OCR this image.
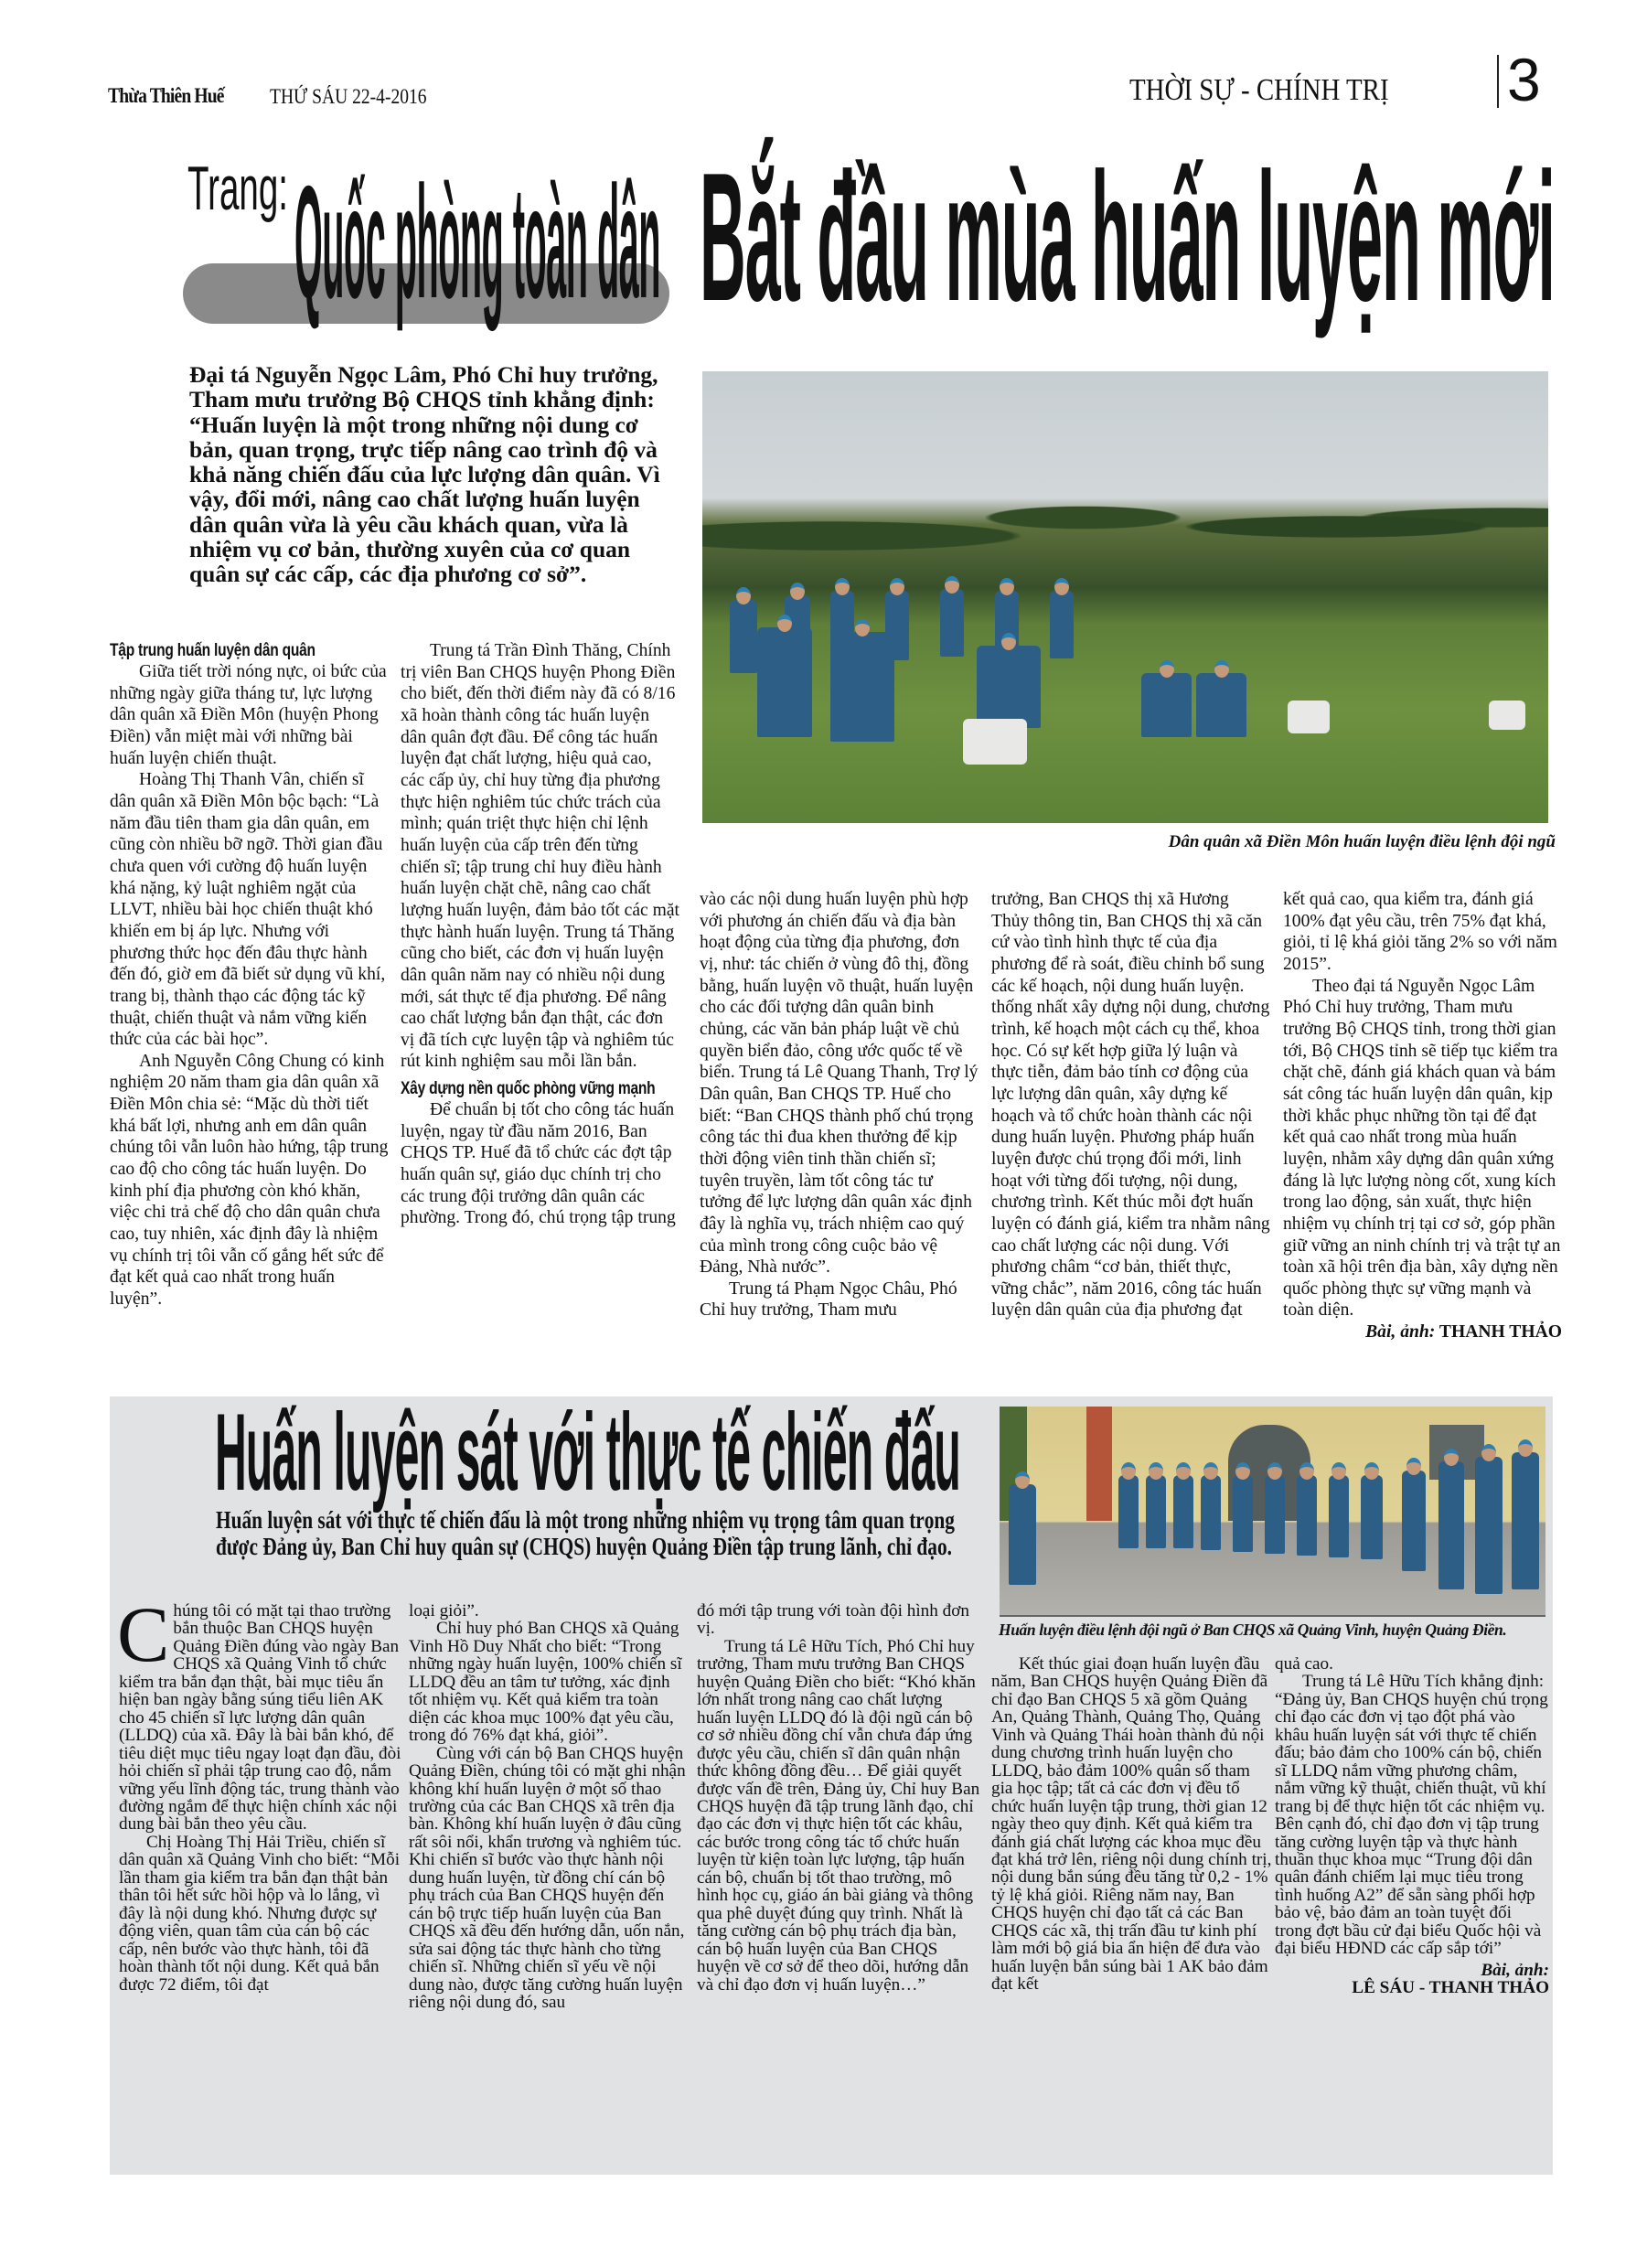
Thừa Thiên Huế THỨ SÁU 22-4-2016	THỜI SỰ - CHÍNH TRỊ 3
Trang: Quốc phòng toàn dân Bắt đầu mùa huấn luyện mới
Đại tá Nguyễn Ngọc Lâm, Phó Chỉ huy trưởng, Tham mưu trưởng Bộ CHQS tỉnh khẳng định: “Huấn luyện là một trong những nội dung cơ bản, quan trọng, trực tiếp nâng cao trình độ và khả năng chiến đấu của lực lượng dân quân. Vì vậy, đổi mới, nâng cao chất lượng huấn luyện dân quân vừa là yêu cầu khách quan, vừa là nhiệm vụ cơ bản, thường xuyên của cơ quan quân sự các cấp, các địa phương cơ sở”.
Dân quân xã Điền Môn huấn luyện điều lệnh đội ngũ
Tập trung huấn luyện dân quân

Giữa tiết trời nóng nực, oi bức của những ngày giữa tháng tư, lực lượng dân quân xã Điền Môn (huyện Phong Điền) vẫn miệt mài với những bài huấn luyện chiến thuật.

Hoàng Thị Thanh Vân, chiến sĩ dân quân xã Điền Môn bộc bạch: “Là năm đầu tiên tham gia dân quân, em cũng còn nhiều bỡ ngỡ. Thời gian đầu chưa quen với cường độ huấn luyện khá nặng, kỷ luật nghiêm ngặt của LLVT, nhiều bài học chiến thuật khó khiến em bị áp lực. Nhưng với phương thức học đến đâu thực hành đến đó, giờ em đã biết sử dụng vũ khí, trang bị, thành thạo các động tác kỹ thuật, chiến thuật và nắm vững kiến thức của các bài học”.

Anh Nguyễn Công Chung có kinh nghiệm 20 năm tham gia dân quân xã Điền Môn chia sẻ: “Mặc dù thời tiết khá bất lợi, nhưng anh em dân quân chúng tôi vẫn luôn hào hứng, tập trung cao độ cho công tác huấn luyện. Do kinh phí địa phương còn khó khăn, việc chi trả chế độ cho dân quân chưa cao, tuy nhiên, xác định đây là nhiệm vụ chính trị tôi vẫn cố gắng hết sức để đạt kết quả cao nhất trong huấn luyện”.

Trung tá Trần Đình Thăng, Chính trị viên Ban CHQS huyện Phong Điền cho biết, đến thời điểm này đã có 8/16 xã hoàn thành công tác huấn luyện dân quân đợt đầu. Để công tác huấn luyện đạt chất lượng, hiệu quả cao, các cấp ủy, chỉ huy từng địa phương thực hiện nghiêm túc chức trách của mình; quán triệt thực hiện chỉ lệnh huấn luyện của cấp trên đến từng chiến sĩ; tập trung chỉ huy điều hành huấn luyện chặt chẽ, nâng cao chất lượng huấn luyện, đảm bảo tốt các mặt thực hành huấn luyện. Trung tá Thăng cũng cho biết, các đơn vị huấn luyện dân quân năm nay có nhiều nội dung mới, sát thực tế địa phương. Để nâng cao chất lượng bắn đạn thật, các đơn vị đã tích cực luyện tập và nghiêm túc rút kinh nghiệm sau mỗi lần bắn.

Xây dựng nền quốc phòng vững mạnh

Để chuẩn bị tốt cho công tác huấn luyện, ngay từ đầu năm 2016, Ban CHQS TP. Huế đã tổ chức các đợt tập huấn quân sự, giáo dục chính trị cho các trung đội trưởng dân quân các phường. Trong đó, chú trọng tập trung

vào các nội dung huấn luyện phù hợp với phương án chiến đấu và địa bàn hoạt động của từng địa phương, đơn vị, như: tác chiến ở vùng đô thị, đồng bằng, huấn luyện võ thuật, huấn luyện cho các đối tượng dân quân binh chủng, các văn bản pháp luật về chủ quyền biển đảo, công ước quốc tế về biển. Trung tá Lê Quang Thanh, Trợ lý Dân quân, Ban CHQS TP. Huế cho biết: “Ban CHQS thành phố chú trọng công tác thi đua khen thưởng để kịp thời động viên tinh thần chiến sĩ; tuyên truyền, làm tốt công tác tư tưởng để lực lượng dân quân xác định đây là nghĩa vụ, trách nhiệm cao quý của mình trong công cuộc bảo vệ Đảng, Nhà nước”.

Trung tá Phạm Ngọc Châu, Phó Chỉ huy trưởng, Tham mưu

trưởng, Ban CHQS thị xã Hương Thủy thông tin, Ban CHQS thị xã căn cứ vào tình hình thực tế của địa phương để rà soát, điều chỉnh bổ sung các kế hoạch, nội dung huấn luyện. thống nhất xây dựng nội dung, chương trình, kế hoạch một cách cụ thể, khoa học. Có sự kết hợp giữa lý luận và thực tiễn, đảm bảo tính cơ động của lực lượng dân quân, xây dựng kế hoạch và tổ chức hoàn thành các nội dung huấn luyện. Phương pháp huấn luyện được chú trọng đổi mới, linh hoạt với từng đối tượng, nội dung, chương trình. Kết thúc mỗi đợt huấn luyện có đánh giá, kiểm tra nhằm nâng cao chất lượng các nội dung. Với phương châm “cơ bản, thiết thực, vững chắc”, năm 2016, công tác huấn luyện dân quân của địa phương đạt

kết quả cao, qua kiểm tra, đánh giá 100% đạt yêu cầu, trên 75% đạt khá, giỏi, tỉ lệ khá giỏi tăng 2% so với năm 2015”.

Theo đại tá Nguyễn Ngọc Lâm Phó Chỉ huy trưởng, Tham mưu trưởng Bộ CHQS tỉnh, trong thời gian tới, Bộ CHQS tỉnh sẽ tiếp tục kiểm tra chặt chẽ, đánh giá khách quan và bám sát công tác huấn luyện dân quân, kịp thời khắc phục những tồn tại để đạt kết quả cao nhất trong mùa huấn luyện, nhằm xây dựng dân quân xứng đáng là lực lượng nòng cốt, xung kích trong lao động, sản xuất, thực hiện nhiệm vụ chính trị tại cơ sở, góp phần giữ vững an ninh chính trị và trật tự an toàn xã hội trên địa bàn, xây dựng nền quốc phòng thực sự vững mạnh và toàn diện.

Bài, ảnh: THANH THẢO
Huấn luyện sát với thực tế chiến đấu
Huấn luyện sát với thực tế chiến đấu là một trong những nhiệm vụ trọng tâm quan trọng được Đảng ủy, Ban Chỉ huy quân sự (CHQS) huyện Quảng Điền tập trung lãnh, chỉ đạo.
Huấn luyện điều lệnh đội ngũ ở Ban CHQS xã Quảng Vinh, huyện Quảng Điền.

Chúng tôi có mặt tại thao trường bắn thuộc Ban CHQS huyện Quảng Điền đúng vào ngày Ban CHQS xã Quảng Vinh tổ chức kiểm tra bắn đạn thật, bài mục tiêu ẩn hiện ban ngày bằng súng tiểu liên AK cho 45 chiến sĩ lực lượng dân quân (LLDQ) của xã. Đây là bài bắn khó, để tiêu diệt mục tiêu ngay loạt đạn đầu, đòi hỏi chiến sĩ phải tập trung cao độ, nắm vững yếu lĩnh động tác, trung thành vào đường ngắm để thực hiện chính xác nội dung bài bắn theo yêu cầu.

Chị Hoàng Thị Hải Triều, chiến sĩ dân quân xã Quảng Vinh cho biết: “Mỗi lần tham gia kiểm tra bắn đạn thật bản thân tôi hết sức hồi hộp và lo lắng, vì đây là nội dung khó. Nhưng được sự động viên, quan tâm của cán bộ các cấp, nên bước vào thực hành, tôi đã hoàn thành tốt nội dung. Kết quả bắn được 72 điểm, tôi đạt

loại giỏi”.

Chỉ huy phó Ban CHQS xã Quảng Vinh Hồ Duy Nhất cho biết: “Trong những ngày huấn luyện, 100% chiến sĩ LLDQ đều an tâm tư tưởng, xác định tốt nhiệm vụ. Kết quả kiểm tra toàn diện các khoa mục 100% đạt yêu cầu, trong đó 76% đạt khá, giỏi”.

Cùng với cán bộ Ban CHQS huyện Quảng Điền, chúng tôi có mặt ghi nhận không khí huấn luyện ở một số thao trường của các Ban CHQS xã trên địa bàn. Không khí huấn luyện ở đâu cũng rất sôi nổi, khẩn trương và nghiêm túc. Khi chiến sĩ bước vào thực hành nội dung huấn luyện, từ đồng chí cán bộ phụ trách của Ban CHQS huyện đến cán bộ trực tiếp huấn luyện của Ban CHQS xã đều đến hướng dẫn, uốn nắn, sửa sai động tác thực hành cho từng chiến sĩ. Những chiến sĩ yếu về nội dung nào, được tăng cường huấn luyện riêng nội dung đó, sau

đó mới tập trung với toàn đội hình đơn vị.

Trung tá Lê Hữu Tích, Phó Chỉ huy trưởng, Tham mưu trưởng Ban CHQS huyện Quảng Điền cho biết: “Khó khăn lớn nhất trong nâng cao chất lượng huấn luyện LLDQ đó là đội ngũ cán bộ cơ sở nhiều đồng chí vẫn chưa đáp ứng được yêu cầu, chiến sĩ dân quân nhận thức không đồng đều… Để giải quyết được vấn đề trên, Đảng ủy, Chỉ huy Ban CHQS huyện đã tập trung lãnh đạo, chỉ đạo các đơn vị thực hiện tốt các khâu, các bước trong công tác tổ chức huấn luyện từ kiện toàn lực lượng, tập huấn cán bộ, chuẩn bị tốt thao trường, mô hình học cụ, giáo án bài giảng và thông qua phê duyệt đúng quy trình. Nhất là tăng cường cán bộ phụ trách địa bàn, cán bộ huấn luyện của Ban CHQS huyện về cơ sở để theo dõi, hướng dẫn và chỉ đạo đơn vị huấn luyện…”

Kết thúc giai đoạn huấn luyện đầu năm, Ban CHQS huyện Quảng Điền đã chỉ đạo Ban CHQS 5 xã gồm Quảng An, Quảng Thành, Quảng Thọ, Quảng Vinh và Quảng Thái hoàn thành đủ nội dung chương trình huấn luyện cho LLDQ, bảo đảm 100% quân số tham gia học tập; tất cả các đơn vị đều tổ chức huấn luyện tập trung, thời gian 12 ngày theo quy định. Kết quả kiểm tra đánh giá chất lượng các khoa mục đều đạt khá trở lên, riêng nội dung chính trị, nội dung bắn súng đều tăng từ 0,2 - 1% tỷ lệ khá giỏi. Riêng năm nay, Ban CHQS huyện chỉ đạo tất cả các Ban CHQS các xã, thị trấn đầu tư kinh phí làm mới bộ giá bia ẩn hiện để đưa vào huấn luyện bắn súng bài 1 AK bảo đảm đạt kết

quả cao.

Trung tá Lê Hữu Tích khẳng định: “Đảng ủy, Ban CHQS huyện chú trọng chỉ đạo các đơn vị tạo đột phá vào khâu huấn luyện sát với thực tế chiến đấu; bảo đảm cho 100% cán bộ, chiến sĩ LLDQ nắm vững phương châm, nắm vững kỹ thuật, chiến thuật, vũ khí trang bị để thực hiện tốt các nhiệm vụ. Bên cạnh đó, chỉ đạo đơn vị tập trung tăng cường luyện tập và thực hành thuần thục khoa mục “Trung đội dân quân đánh chiếm lại mục tiêu trong tình huống A2” để sẵn sàng phối hợp bảo vệ, bảo đảm an toàn tuyệt đối trong đợt bầu cử đại biểu Quốc hội và đại biểu HĐND các cấp sắp tới”

Bài, ảnh:
LÊ SÁU - THANH THẢO
